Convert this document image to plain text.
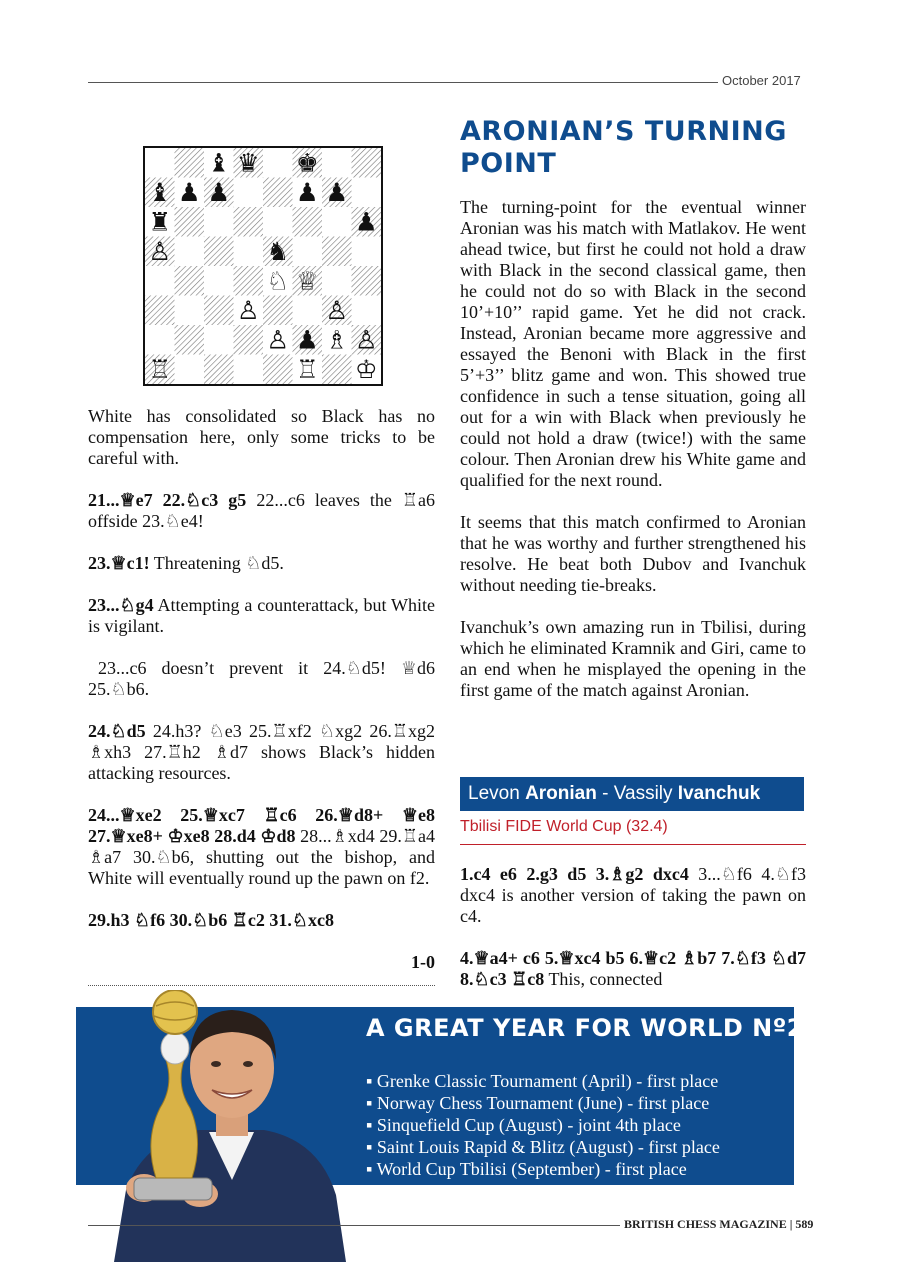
October 2017
♝ ♛ ♚
♝ ♟ ♟	♟ ♟
♜	♟
♙	♞
♘ ♕
♙	♙
♙ ♟ ♗ ♙
♖	♖ ♔

White has consolidated so Black has no compensation here, only some tricks to be careful with.

21...♕e7 22.♘c3 g5 22...c6 leaves the ♖a6 offside 23.♘e4!

23.♕c1! Threatening ♘d5.

23...♘g4 Attempting a counterattack, but White is vigilant.

23...c6 doesn’t prevent it 24.♘d5! ♕d6 25.♘b6.

24.♘d5 24.h3? ♘e3 25.♖xf2 ♘xg2 26.♖xg2 ♗xh3 27.♖h2 ♗d7 shows Black’s hidden attacking resources.

24...♕xe2 25.♕xc7 ♖c6 26.♕d8+ ♕e8 27.♕xe8+ ♔xe8 28.d4 ♔d8 28...♗xd4 29.♖a4 ♗a7 30.♘b6, shutting out the bishop, and White will eventually round up the pawn on f2.

29.h3 ♘f6 30.♘b6 ♖c2 31.♘xc8

1-0
ARONIAN’S TURNING POINT

The turning-point for the eventual winner Aronian was his match with Matlakov. He went ahead twice, but first he could not hold a draw with Black in the second classical game, then he could not do so with Black in the second 10’+10’’ rapid game. Yet he did not crack. Instead, Aronian became more aggressive and essayed the Benoni with Black in the first 5’+3’’ blitz game and won. This showed true confidence in such a tense situation, going all out for a win with Black when previously he could not hold a draw (twice!) with the same colour. Then Aronian drew his White game and qualified for the next round.

It seems that this match confirmed to Aronian that he was worthy and further strengthened his resolve. He beat both Dubov and Ivanchuk without needing tie-breaks.

Ivanchuk’s own amazing run in Tbilisi, during which he eliminated Kramnik and Giri, came to an end when he misplayed the opening in the first game of the match against Aronian.

Levon Aronian - Vassily Ivanchuk
Tbilisi FIDE World Cup (32.4)

1.c4 e6 2.g3 d5 3.♗g2 dxc4 3...♘f6 4.♘f3 dxc4 is another version of taking the pawn on c4.

4.♕a4+ c6 5.♕xc4 b5 6.♕c2 ♗b7 7.♘f3 ♘d7 8.♘c3 ♖c8 This, connected

A GREAT YEAR FOR WORLD Nº2
▪ Grenke Classic Tournament (April) - first place
▪ Norway Chess Tournament (June) - first place
▪ Sinquefield Cup (August) - joint 4th place
▪ Saint Louis Rapid & Blitz (August) - first place
▪ World Cup Tbilisi (September) - first place
BRITISH CHESS MAGAZINE | 589
